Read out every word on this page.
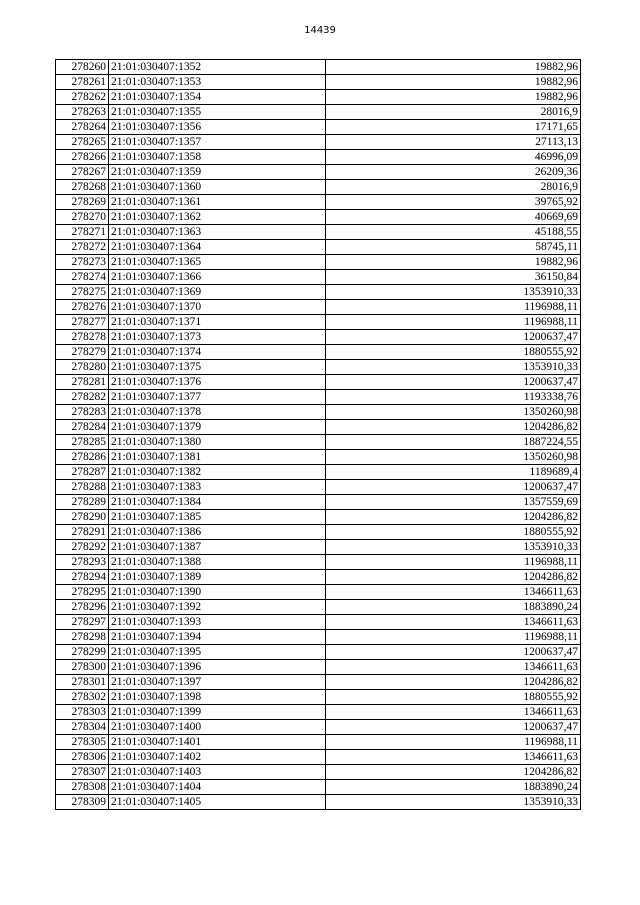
14439
278260	21:01:030407:1352	19882,96
278261	21:01:030407:1353	19882,96
278262	21:01:030407:1354	19882,96
278263	21:01:030407:1355	28016,9
278264	21:01:030407:1356	17171,65
278265	21:01:030407:1357	27113,13
278266	21:01:030407:1358	46996,09
278267	21:01:030407:1359	26209,36
278268	21:01:030407:1360	28016,9
278269	21:01:030407:1361	39765,92
278270	21:01:030407:1362	40669,69
278271	21:01:030407:1363	45188,55
278272	21:01:030407:1364	58745,11
278273	21:01:030407:1365	19882,96
278274	21:01:030407:1366	36150,84
278275	21:01:030407:1369	1353910,33
278276	21:01:030407:1370	1196988,11
278277	21:01:030407:1371	1196988,11
278278	21:01:030407:1373	1200637,47
278279	21:01:030407:1374	1880555,92
278280	21:01:030407:1375	1353910,33
278281	21:01:030407:1376	1200637,47
278282	21:01:030407:1377	1193338,76
278283	21:01:030407:1378	1350260,98
278284	21:01:030407:1379	1204286,82
278285	21:01:030407:1380	1887224,55
278286	21:01:030407:1381	1350260,98
278287	21:01:030407:1382	1189689,4
278288	21:01:030407:1383	1200637,47
278289	21:01:030407:1384	1357559,69
278290	21:01:030407:1385	1204286,82
278291	21:01:030407:1386	1880555,92
278292	21:01:030407:1387	1353910,33
278293	21:01:030407:1388	1196988,11
278294	21:01:030407:1389	1204286,82
278295	21:01:030407:1390	1346611,63
278296	21:01:030407:1392	1883890,24
278297	21:01:030407:1393	1346611,63
278298	21:01:030407:1394	1196988,11
278299	21:01:030407:1395	1200637,47
278300	21:01:030407:1396	1346611,63
278301	21:01:030407:1397	1204286,82
278302	21:01:030407:1398	1880555,92
278303	21:01:030407:1399	1346611,63
278304	21:01:030407:1400	1200637,47
278305	21:01:030407:1401	1196988,11
278306	21:01:030407:1402	1346611,63
278307	21:01:030407:1403	1204286,82
278308	21:01:030407:1404	1883890,24
278309	21:01:030407:1405	1353910,33
